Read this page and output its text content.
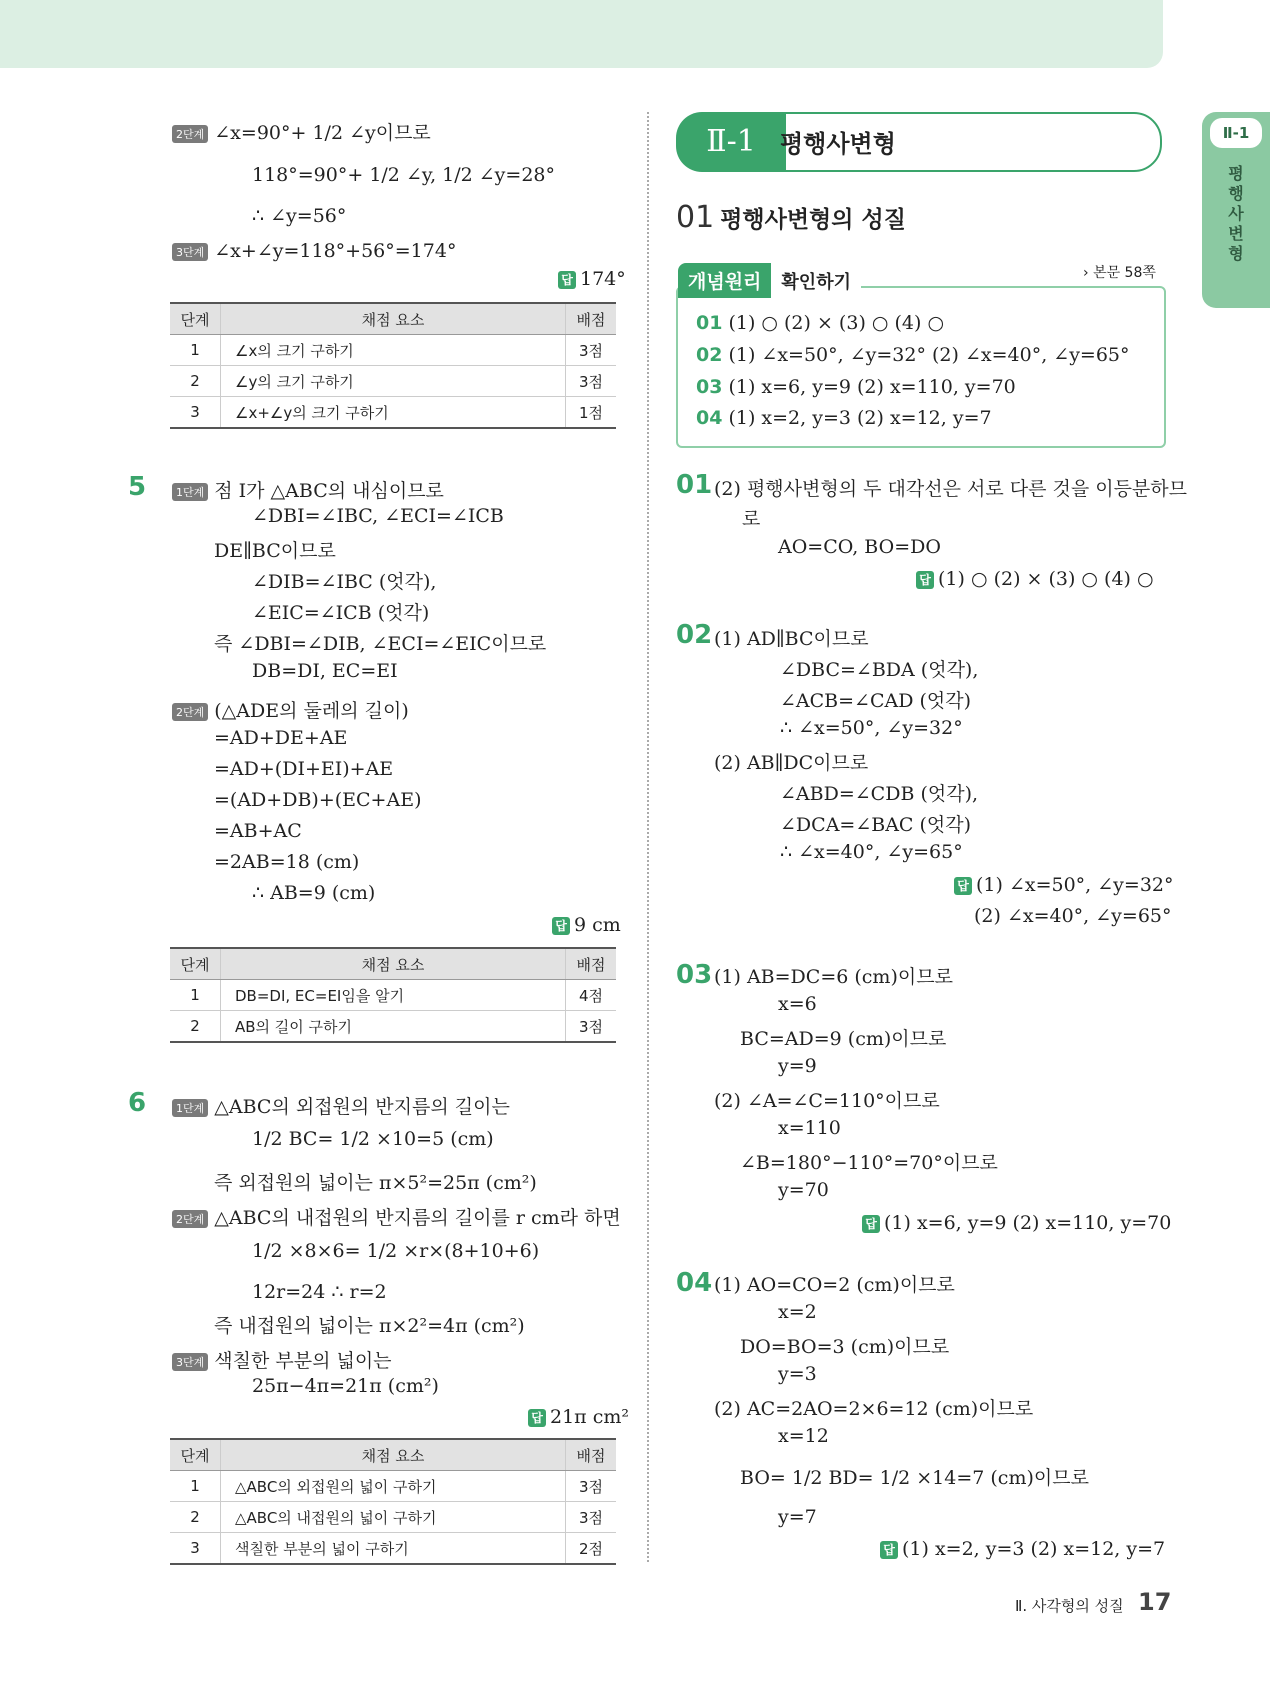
Ⅱ-1
평행사변형
2단계 ∠x=90°+ 1/2 ∠y이므로
118°=90°+ 1/2 ∠y, 1/2 ∠y=28°
∴ ∠y=56°
3단계 ∠x+∠y=118°+56°=174°
답 174°
단계	채점 요소	배점
1	∠x의 크기 구하기	3점
2	∠y의 크기 구하기	3점
3	∠x+∠y의 크기 구하기	1점
5	1단계 점 I가 △ABC의 내심이므로
∠DBI=∠IBC, ∠ECI=∠ICB
DE∥BC이므로
∠DIB=∠IBC (엇각),
∠EIC=∠ICB (엇각)
즉 ∠DBI=∠DIB, ∠ECI=∠EIC이므로
DB=DI, EC=EI
2단계 (△ADE의 둘레의 길이)
=AD+DE+AE
=AD+(DI+EI)+AE
=(AD+DB)+(EC+AE)
=AB+AC
=2AB=18 (cm)
∴ AB=9 (cm)
답 9 cm
단계	채점 요소	배점
1	DB=DI, EC=EI임을 알기	4점
2	AB의 길이 구하기	3점
6	1단계 △ABC의 외접원의 반지름의 길이는
1/2 BC= 1/2 ×10=5 (cm)
즉 외접원의 넓이는 π×5²=25π (cm²)
2단계 △ABC의 내접원의 반지름의 길이를 r cm라 하면
1/2 ×8×6= 1/2 ×r×(8+10+6)
12r=24 ∴ r=2
즉 내접원의 넓이는 π×2²=4π (cm²)
3단계 색칠한 부분의 넓이는
25π−4π=21π (cm²)
답 21π cm²
단계	채점 요소	배점
1	△ABC의 외접원의 넓이 구하기	3점
2	△ABC의 내접원의 넓이 구하기	3점
3	색칠한 부분의 넓이 구하기	2점
Ⅱ-1	평행사변형
01 평행사변형의 성질
개념원리 확인하기	› 본문 58쪽
01 (1) ○ (2) × (3) ○ (4) ○
02 (1) ∠x=50°, ∠y=32° (2) ∠x=40°, ∠y=65°
03 (1) x=6, y=9 (2) x=110, y=70
04 (1) x=2, y=3 (2) x=12, y=7
01 (2) 평행사변형의 두 대각선은 서로 다른 것을 이등분하므
로
AO=CO, BO=DO
답 (1) ○ (2) × (3) ○ (4) ○
02 (1) AD∥BC이므로
∠DBC=∠BDA (엇각),
∠ACB=∠CAD (엇각)
∴ ∠x=50°, ∠y=32°
(2) AB∥DC이므로
∠ABD=∠CDB (엇각),
∠DCA=∠BAC (엇각)
∴ ∠x=40°, ∠y=65°
답 (1) ∠x=50°, ∠y=32°
(2) ∠x=40°, ∠y=65°
03 (1) AB=DC=6 (cm)이므로
x=6
BC=AD=9 (cm)이므로
y=9
(2) ∠A=∠C=110°이므로
x=110
∠B=180°−110°=70°이므로
y=70
답 (1) x=6, y=9 (2) x=110, y=70
04 (1) AO=CO=2 (cm)이므로
x=2
DO=BO=3 (cm)이므로
y=3
(2) AC=2AO=2×6=12 (cm)이므로
x=12
BO= 1/2 BD= 1/2 ×14=7 (cm)이므로
y=7
답 (1) x=2, y=3 (2) x=12, y=7
Ⅱ. 사각형의 성질 17
